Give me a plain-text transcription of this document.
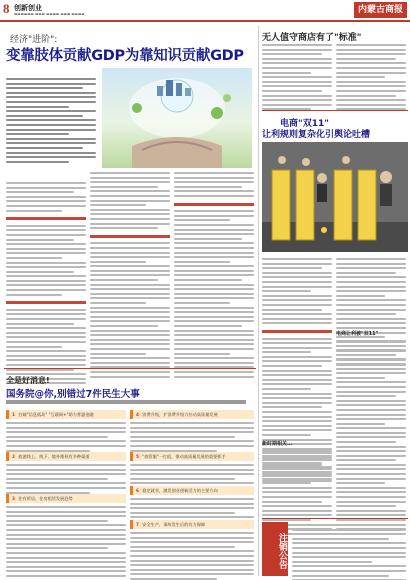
8 创新创业
▬▬▬▬▬▬ ▬▬▬ ▬▬▬▬ ▬▬▬ ▬▬▬▬	内蒙古商报
经济"进阶":
变靠肢体贡献GDP为靠知识贡献GDP
无人值守商店有了"标准"
电商"双11"
让利规则复杂化引舆论吐槽
电商让利被"双11"
新时期相关...
注销公告
全是好消息!
国务院@你,别错过7件民生大事
1 打破"信息孤岛" "互联网+"助力普惠金融
2 旅游线上、线下、境外维权有多种渠道
3 住有所居，住房租赁发展趋势
4 消费升级，扩消费升级力拉动高质量发展
5 "放管服"一打组，推动高质量发展的重要抓手
6 稳定就业，激发创业创新活力的主要方向
7 安全生产，事故发生后的有力保障
